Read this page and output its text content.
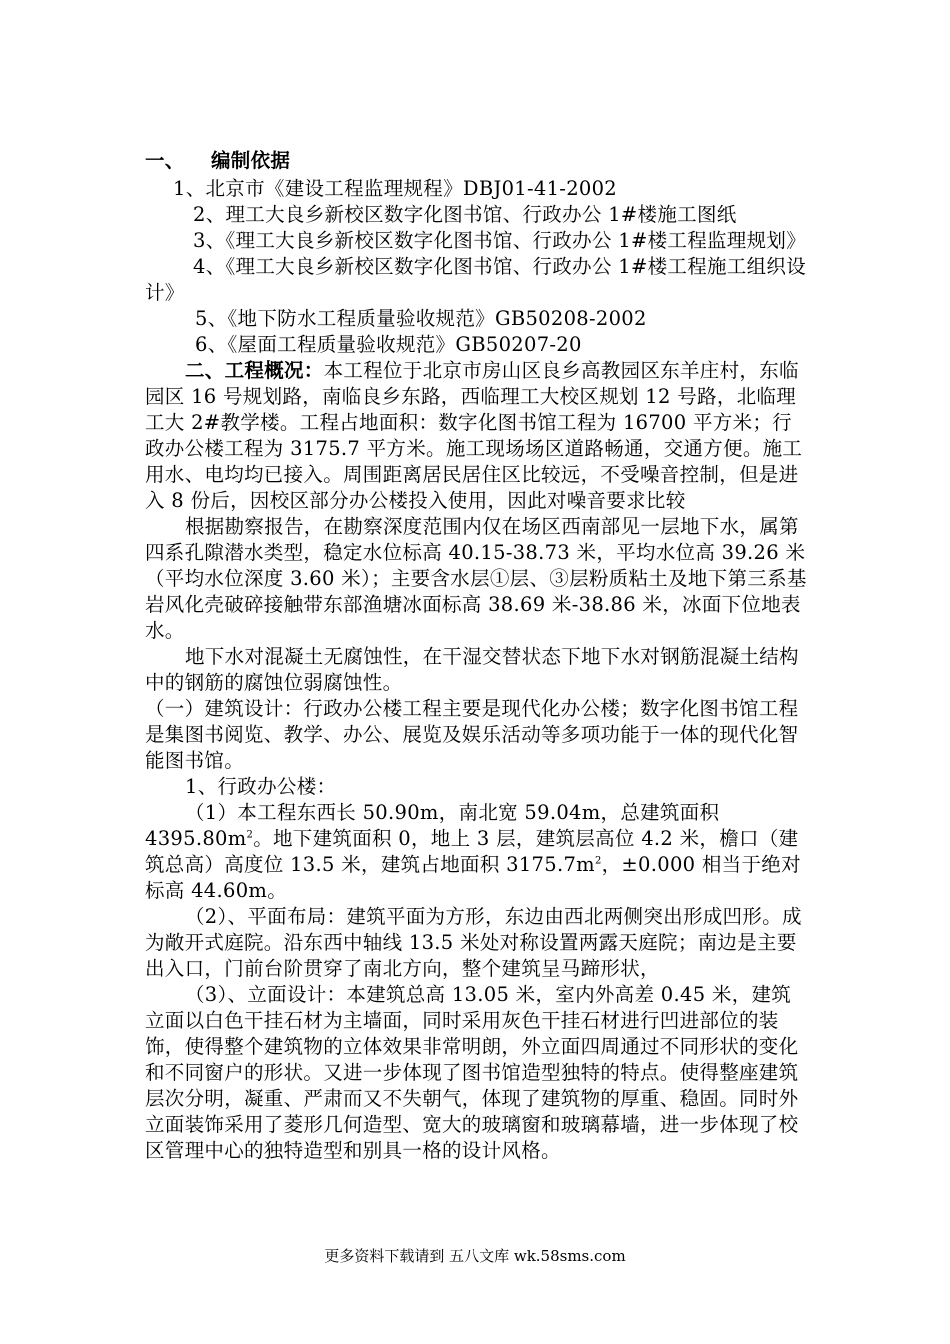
一、 编制依据

1、北京市《建设工程监理规程》DBJ01-41-2002

2、理工大良乡新校区数字化图书馆、行政办公 1#楼施工图纸

3、《理工大良乡新校区数字化图书馆、行政办公 1#楼工程监理规划》

4、《理工大良乡新校区数字化图书馆、行政办公 1#楼工程施工组织设计》

5、《地下防水工程质量验收规范》GB50208-2002

6、《屋面工程质量验收规范》GB50207-20

二、工程概况：本工程位于北京市房山区良乡高教园区东羊庄村，东临园区 16 号规划路，南临良乡东路，西临理工大校区规划 12 号路，北临理工大 2#教学楼。工程占地面积：数字化图书馆工程为 16700 平方米；行政办公楼工程为 3175.7 平方米。施工现场场区道路畅通，交通方便。施工用水、电均均已接入。周围距离居民居住区比较远，不受噪音控制，但是进入 8 份后，因校区部分办公楼投入使用，因此对噪音要求比较

根据勘察报告，在勘察深度范围内仅在场区西南部见一层地下水，属第四系孔隙潜水类型，稳定水位标高 40.15-38.73 米，平均水位高 39.26 米（平均水位深度 3.60 米）；主要含水层①层、③层粉质粘土及地下第三系基岩风化壳破碎接触带东部渔塘冰面标高 38.69 米-38.86 米，冰面下位地表水。

地下水对混凝土无腐蚀性，在干湿交替状态下地下水对钢筋混凝土结构中的钢筋的腐蚀位弱腐蚀性。

（一）建筑设计：行政办公楼工程主要是现代化办公楼；数字化图书馆工程是集图书阅览、教学、办公、展览及娱乐活动等多项功能于一体的现代化智能图书馆。

1、行政办公楼：

（1）本工程东西长 50.90m，南北宽 59.04m，总建筑面积 $4395.80m^2$。地下建筑面积 0，地上 3 层，建筑层高位 4.2 米，檐口（建筑总高）高度位 13.5 米，建筑占地面积 $3175.7m^2$，±0.000 相当于绝对标高 44.60m。

（2）、平面布局：建筑平面为方形，东边由西北两侧突出形成凹形。成为敞开式庭院。沿东西中轴线 13.5 米处对称设置两露天庭院；南边是主要出入口，门前台阶贯穿了南北方向，整个建筑呈马蹄形状，

（3）、立面设计：本建筑总高 13.05 米，室内外高差 0.45 米，建筑立面以白色干挂石材为主墙面，同时采用灰色干挂石材进行凹进部位的装饰，使得整个建筑物的立体效果非常明朗，外立面四周通过不同形状的变化和不同窗户的形状。又进一步体现了图书馆造型独特的特点。使得整座建筑层次分明，凝重、严肃而又不失朝气，体现了建筑物的厚重、稳固。同时外立面装饰采用了菱形几何造型、宽大的玻璃窗和玻璃幕墙，进一步体现了校区管理中心的独特造型和别具一格的设计风格。

更多资料下载请到 五八文库 wk.58sms.com
